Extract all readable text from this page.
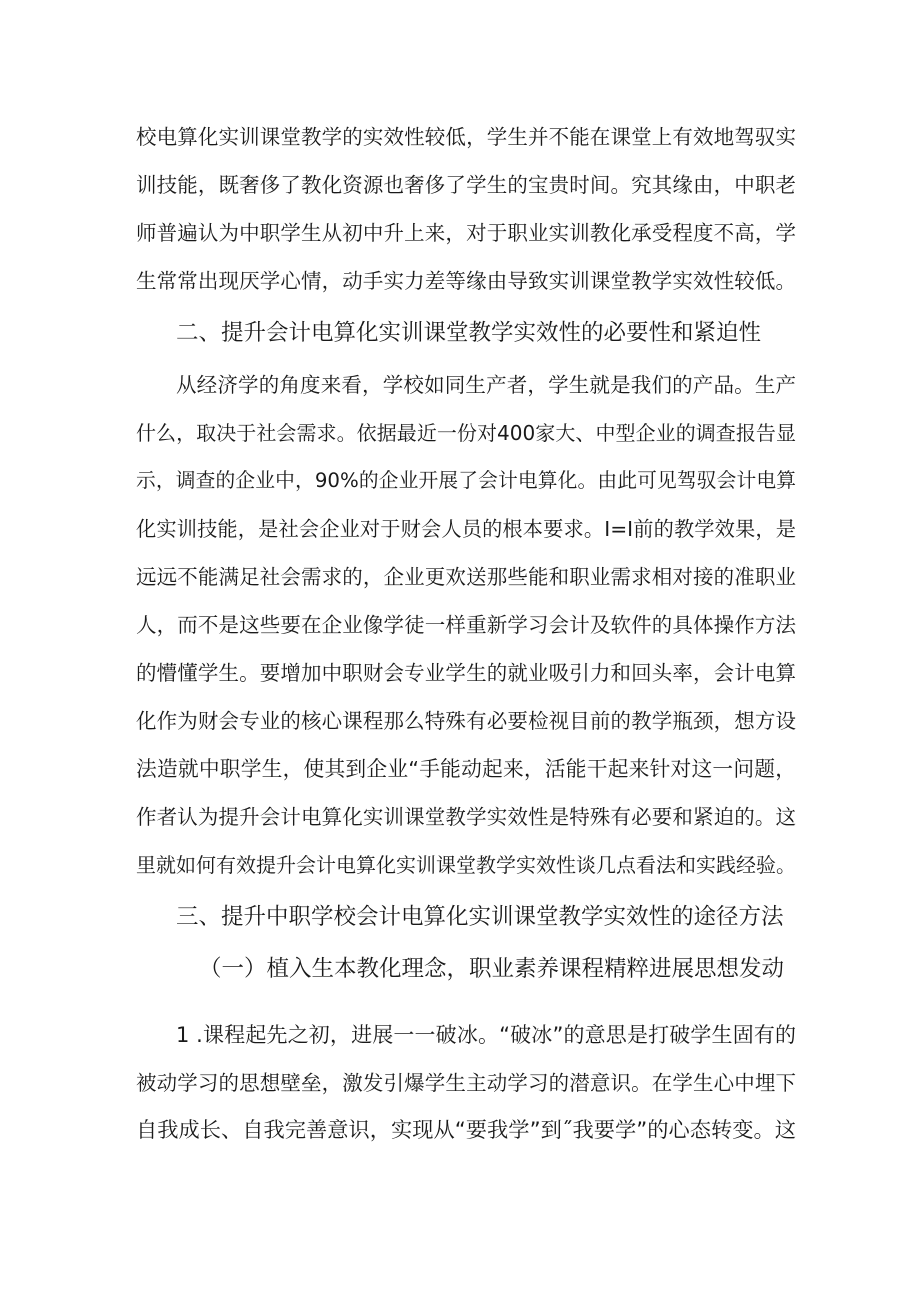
校电算化实训课堂教学的实效性较低，学生并不能在课堂上有效地驾驭实
训技能，既奢侈了教化资源也奢侈了学生的宝贵时间。究其缘由，中职老
师普遍认为中职学生从初中升上来，对于职业实训教化承受程度不高，学
生常常出现厌学心情，动手实力差等缘由导致实训课堂教学实效性较低。
二、提升会计电算化实训课堂教学实效性的必要性和紧迫性
从经济学的角度来看，学校如同生产者，学生就是我们的产品。生产
什么，取决于社会需求。依据最近一份对400家大、中型企业的调查报告显
示，调查的企业中，90%的企业开展了会计电算化。由此可见驾驭会计电算
化实训技能，是社会企业对于财会人员的根本要求。I=I前的教学效果，是
远远不能满足社会需求的，企业更欢送那些能和职业需求相对接的准职业
人，而不是这些要在企业像学徒一样重新学习会计及软件的具体操作方法
的懵懂学生。要增加中职财会专业学生的就业吸引力和回头率，会计电算
化作为财会专业的核心课程那么特殊有必要检视目前的教学瓶颈，想方设
法造就中职学生，使其到企业“手能动起来，活能干起来针对这一问题，
作者认为提升会计电算化实训课堂教学实效性是特殊有必要和紧迫的。这
里就如何有效提升会计电算化实训课堂教学实效性谈几点看法和实践经验。
三、提升中职学校会计电算化实训课堂教学实效性的途径方法
（一）植入生本教化理念，职业素养课程精粹进展思想发动
1 .课程起先之初，进展一一破冰。“破冰”的意思是打破学生固有的
被动学习的思想壁垒，激发引爆学生主动学习的潜意识。在学生心中埋下
自我成长、自我完善意识，实现从“要我学”到˝我要学”的心态转变。这
